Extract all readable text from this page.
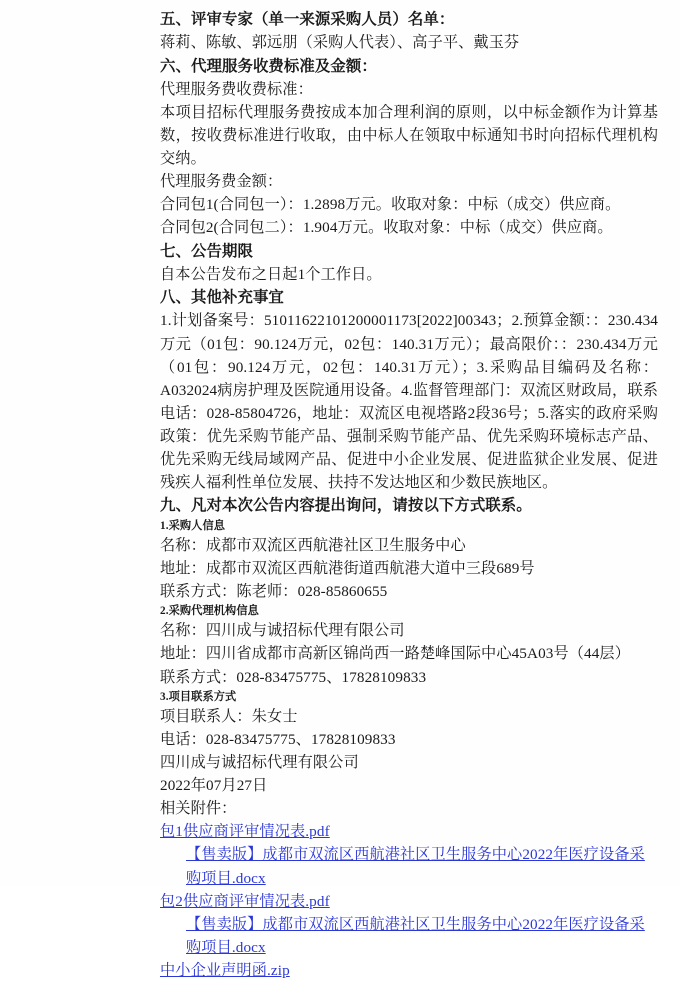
五、评审专家（单一来源采购人员）名单：
蒋莉、陈敏、郭远朋（采购人代表）、高子平、戴玉芬
六、代理服务收费标准及金额：
代理服务费收费标准：
本项目招标代理服务费按成本加合理利润的原则，以中标金额作为计算基数，按收费标准进行收取，由中标人在领取中标通知书时向招标代理机构交纳。
代理服务费金额：
合同包1(合同包一）：1.2898万元。收取对象：中标（成交）供应商。
合同包2(合同包二）：1.904万元。收取对象：中标（成交）供应商。
七、公告期限
自本公告发布之日起1个工作日。
八、其他补充事宜
1.计划备案号：51011622101200001173[2022]00343；2.预算金额：：230.434万元（01包：90.124万元，02包：140.31万元）；最高限价：：230.434万元（01包：90.124万元，02包：140.31万元）；3.采购品目编码及名称：A032024病房护理及医院通用设备。4.监督管理部门：双流区财政局，联系电话：028-85804726，地址：双流区电视塔路2段36号；5.落实的政府采购政策：优先采购节能产品、强制采购节能产品、优先采购环境标志产品、优先采购无线局域网产品、促进中小企业发展、促进监狱企业发展、促进残疾人福利性单位发展、扶持不发达地区和少数民族地区。
九、凡对本次公告内容提出询问，请按以下方式联系。
1.采购人信息
名称：成都市双流区西航港社区卫生服务中心
地址：成都市双流区西航港街道西航港大道中三段689号
联系方式：陈老师：028-85860655
2.采购代理机构信息
名称：四川成与诚招标代理有限公司
地址：四川省成都市高新区锦尚西一路楚峰国际中心45A03号（44层）
联系方式：028-83475775、17828109833
3.项目联系方式
项目联系人：朱女士
电话：028-83475775、17828109833
四川成与诚招标代理有限公司
2022年07月27日
相关附件：
包1供应商评审情况表.pdf
【售卖版】成都市双流区西航港社区卫生服务中心2022年医疗设备采购项目.docx
包2供应商评审情况表.pdf
【售卖版】成都市双流区西航港社区卫生服务中心2022年医疗设备采购项目.docx
中小企业声明函.zip
